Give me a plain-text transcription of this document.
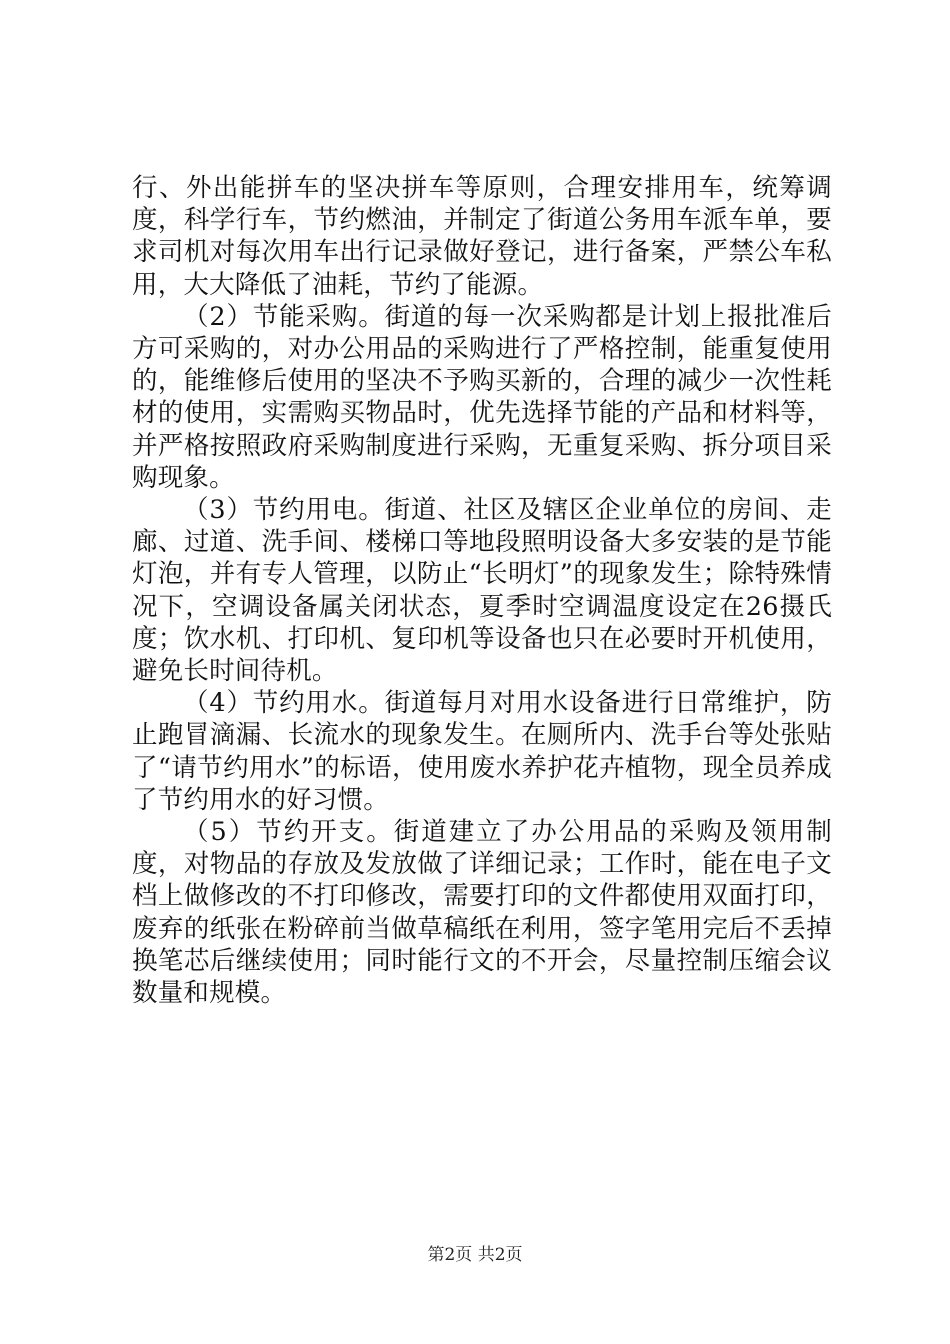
行、外出能拼车的坚决拼车等原则，合理安排用车，统筹调度，科学行车，节约燃油，并制定了街道公务用车派车单，要求司机对每次用车出行记录做好登记，进行备案，严禁公车私用，大大降低了油耗，节约了能源。

（2）节能采购。街道的每一次采购都是计划上报批准后方可采购的，对办公用品的采购进行了严格控制，能重复使用的，能维修后使用的坚决不予购买新的，合理的减少一次性耗材的使用，实需购买物品时，优先选择节能的产品和材料等，并严格按照政府采购制度进行采购，无重复采购、拆分项目采购现象。

（3）节约用电。街道、社区及辖区企业单位的房间、走廊、过道、洗手间、楼梯口等地段照明设备大多安装的是节能灯泡，并有专人管理，以防止“长明灯”的现象发生；除特殊情况下，空调设备属关闭状态，夏季时空调温度设定在26摄氏度；饮水机、打印机、复印机等设备也只在必要时开机使用，避免长时间待机。

（4）节约用水。街道每月对用水设备进行日常维护，防止跑冒滴漏、长流水的现象发生。在厕所内、洗手台等处张贴了“请节约用水”的标语，使用废水养护花卉植物，现全员养成了节约用水的好习惯。

（5）节约开支。街道建立了办公用品的采购及领用制度，对物品的存放及发放做了详细记录；工作时，能在电子文档上做修改的不打印修改，需要打印的文件都使用双面打印，废弃的纸张在粉碎前当做草稿纸在利用，签字笔用完后不丢掉换笔芯后继续使用；同时能行文的不开会，尽量控制压缩会议数量和规模。

第2页 共2页
